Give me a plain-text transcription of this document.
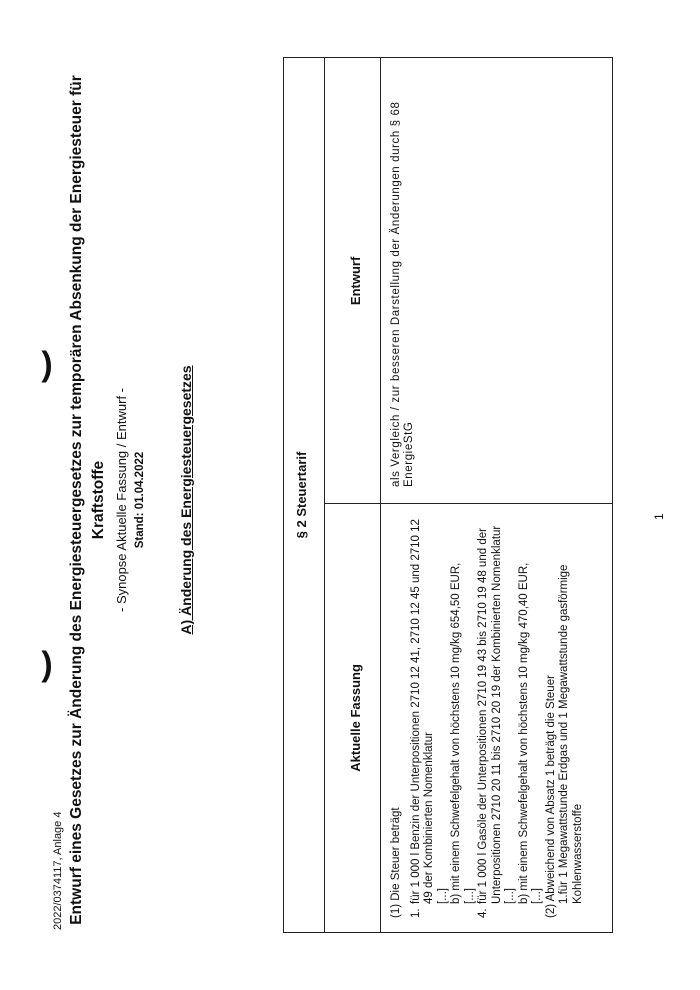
2022/0374117, Anlage 4 Entwurf eines Gesetzes zur Änderung des Energiesteuergesetzes zur temporären Absenkung der Energiesteuer für Kraftstoffe - Synopse Aktuelle Fassung / Entwurf - Stand: 01.04.2022 A) Änderung des Energiesteuergesetzes
)
)
§ 2 Steuertarif
Aktuelle Fassung
Entwurf
(1) Die Steuer beträgt 1.
für 1 000 l Benzin der Unterpositionen 2710 12 41, 2710 12 45 und 2710 12 49 der Kombinierten Nomenklatur [...] b) mit einem Schwefelgehalt von höchstens 10 mg/kg 654,50 EUR, [...]
4.
für 1 000 l Gasöle der Unterpositionen 2710 19 43 bis 2710 19 48 und der Unterpositionen 2710 20 11 bis 2710 20 19 der Kombinierten Nomenklatur [...] b) mit einem Schwefelgehalt von höchstens 10 mg/kg 470,40 EUR, [...] (2) Abweichend von Absatz 1 beträgt die Steuer 1.für 1 Megawattstunde Erdgas und 1 Megawattstunde gasförmige Kohlenwasserstoffe
als Vergleich / zur besseren Darstellung der Änderungen durch § 68 EnergieStG
1
